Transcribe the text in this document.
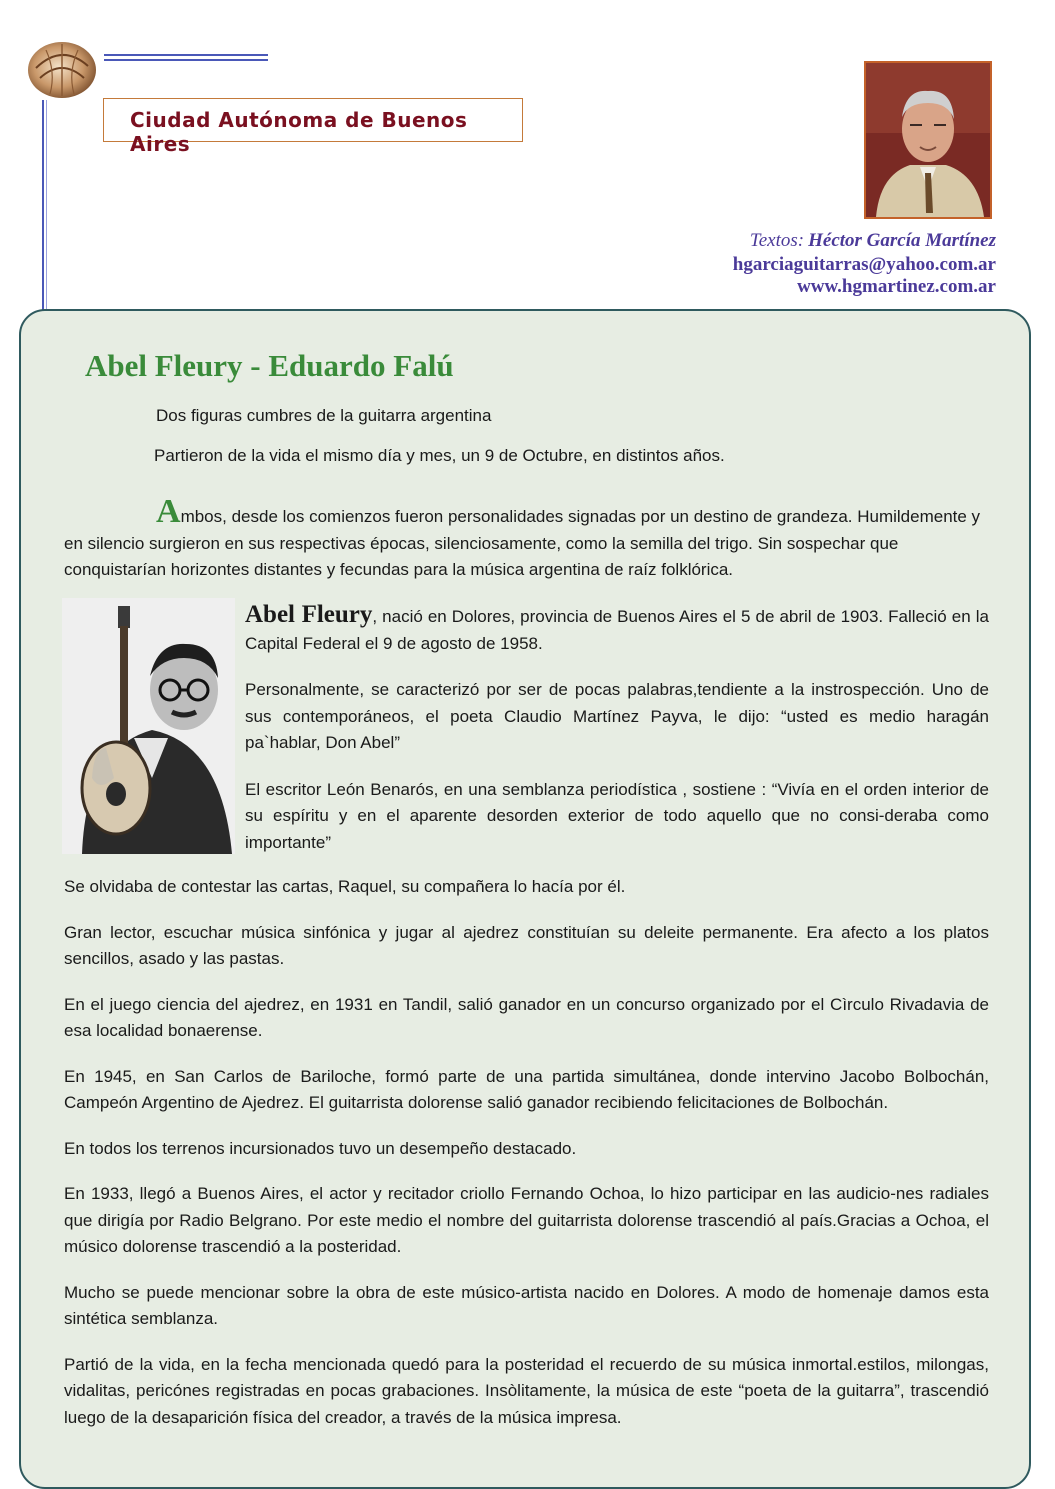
Ciudad Autónoma de Buenos Aires
Textos: Héctor García Martínez
hgarciaguitarras@yahoo.com.ar
www.hgmartinez.com.ar
Abel Fleury - Eduardo Falú
Dos figuras cumbres de la guitarra argentina
Partieron de la vida el mismo día y mes, un 9 de Octubre, en distintos años.

Ambos, desde los comienzos fueron personalidades signadas por un destino de grandeza. Humildemente y en silencio surgieron en sus respectivas épocas, silenciosamente, como la semilla del trigo. Sin sospechar que conquistarían horizontes distantes y fecundas para la música argentina de raíz folklórica.

Abel Fleury, nació en Dolores, provincia de Buenos Aires el 5 de abril de 1903. Falleció en la Capital Federal el 9 de agosto de 1958.

Personalmente, se caracterizó por ser de pocas palabras,tendiente a la instrospección. Uno de sus contemporáneos, el poeta Claudio Martínez Payva, le dijo: “usted es medio haragán pa`hablar, Don Abel”

El escritor León Benarós, en una semblanza periodística , sostiene : “Vivía en el orden interior de su espíritu y en el aparente desorden exterior de todo aquello que no consi-deraba como importante”

Se olvidaba de contestar las cartas, Raquel, su compañera lo hacía por él.

Gran lector, escuchar música sinfónica y jugar al ajedrez constituían su deleite permanente. Era afecto a los platos sencillos, asado y las pastas.

En el juego ciencia del ajedrez, en 1931 en Tandil, salió ganador en un concurso organizado por el Cìrculo Rivadavia de esa localidad bonaerense.

En 1945, en San Carlos de Bariloche, formó parte de una partida simultánea, donde intervino Jacobo Bolbochán, Campeón Argentino de Ajedrez. El guitarrista dolorense salió ganador recibiendo felicitaciones de Bolbochán.

En todos los terrenos incursionados tuvo un desempeño destacado.

En 1933, llegó a Buenos Aires, el actor y recitador criollo Fernando Ochoa, lo hizo participar en las audicio-nes radiales que dirigía por Radio Belgrano. Por este medio el nombre del guitarrista dolorense trascendió al país.Gracias a Ochoa, el músico dolorense trascendió a la posteridad.

Mucho se puede mencionar sobre la obra de este músico-artista nacido en Dolores. A modo de homenaje damos esta sintética semblanza.

Partió de la vida, en la fecha mencionada quedó para la posteridad el recuerdo de su música inmortal.estilos, milongas, vidalitas, pericónes registradas en pocas grabaciones. Insòlitamente, la música de este “poeta de la guitarra”, trascendió luego de la desaparición física del creador, a través de la música impresa.
